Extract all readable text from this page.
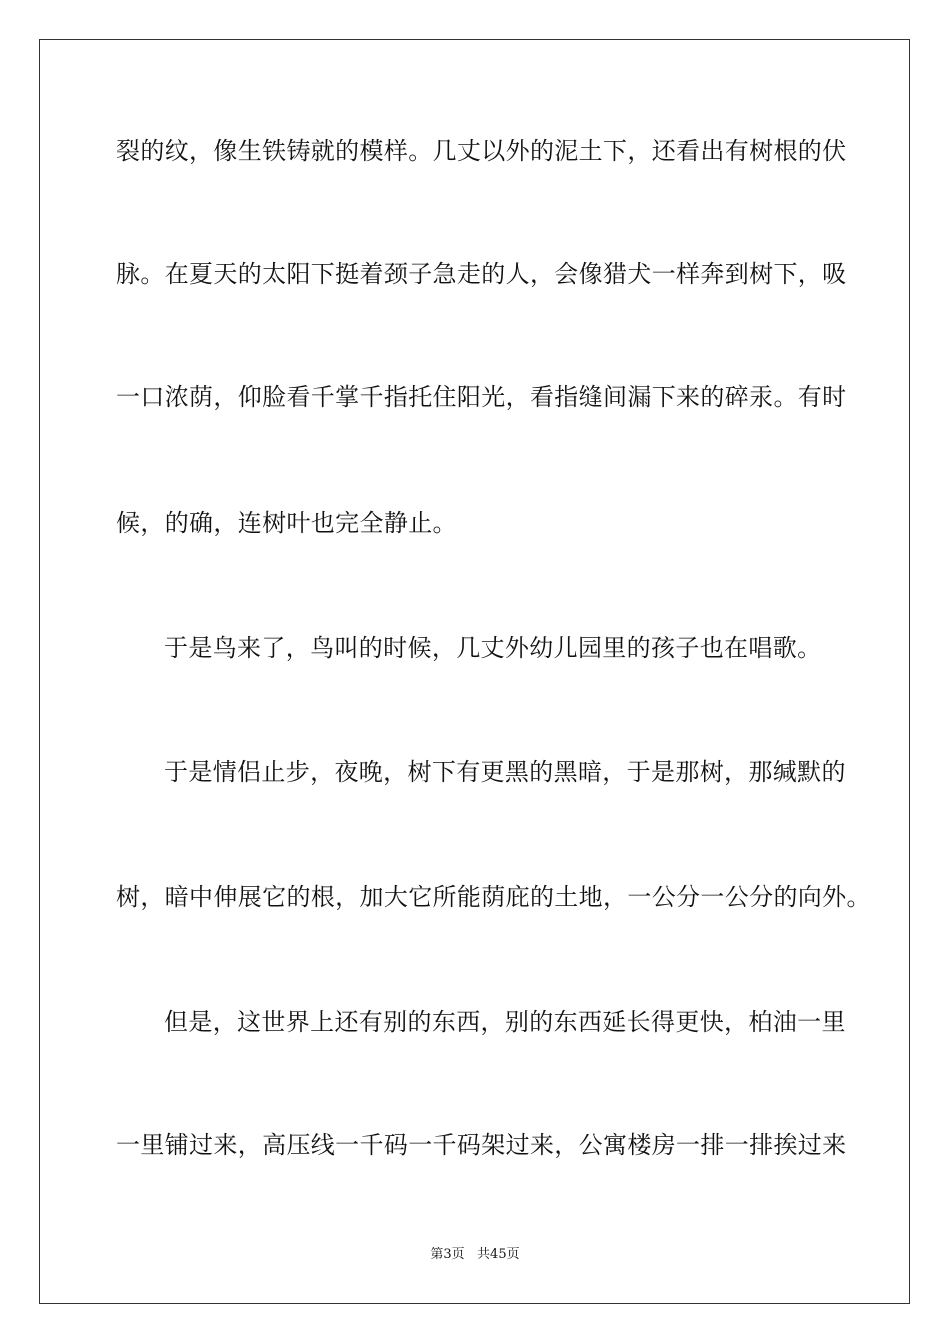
裂的纹，像生铁铸就的模样。几丈以外的泥土下，还看出有树根的伏
脉。在夏天的太阳下挺着颈子急走的人，会像猎犬一样奔到树下，吸
一口浓荫，仰脸看千掌千指托住阳光，看指缝间漏下来的碎汞。有时
候，的确，连树叶也完全静止。
于是鸟来了，鸟叫的时候，几丈外幼儿园里的孩子也在唱歌。
于是情侣止步，夜晚，树下有更黑的黑暗，于是那树，那缄默的
树，暗中伸展它的根，加大它所能荫庇的土地，一公分一公分的向外。
但是，这世界上还有别的东西，别的东西延长得更快，柏油一里
一里铺过来，高压线一千码一千码架过来，公寓楼房一排一排挨过来
第3页   共45页
